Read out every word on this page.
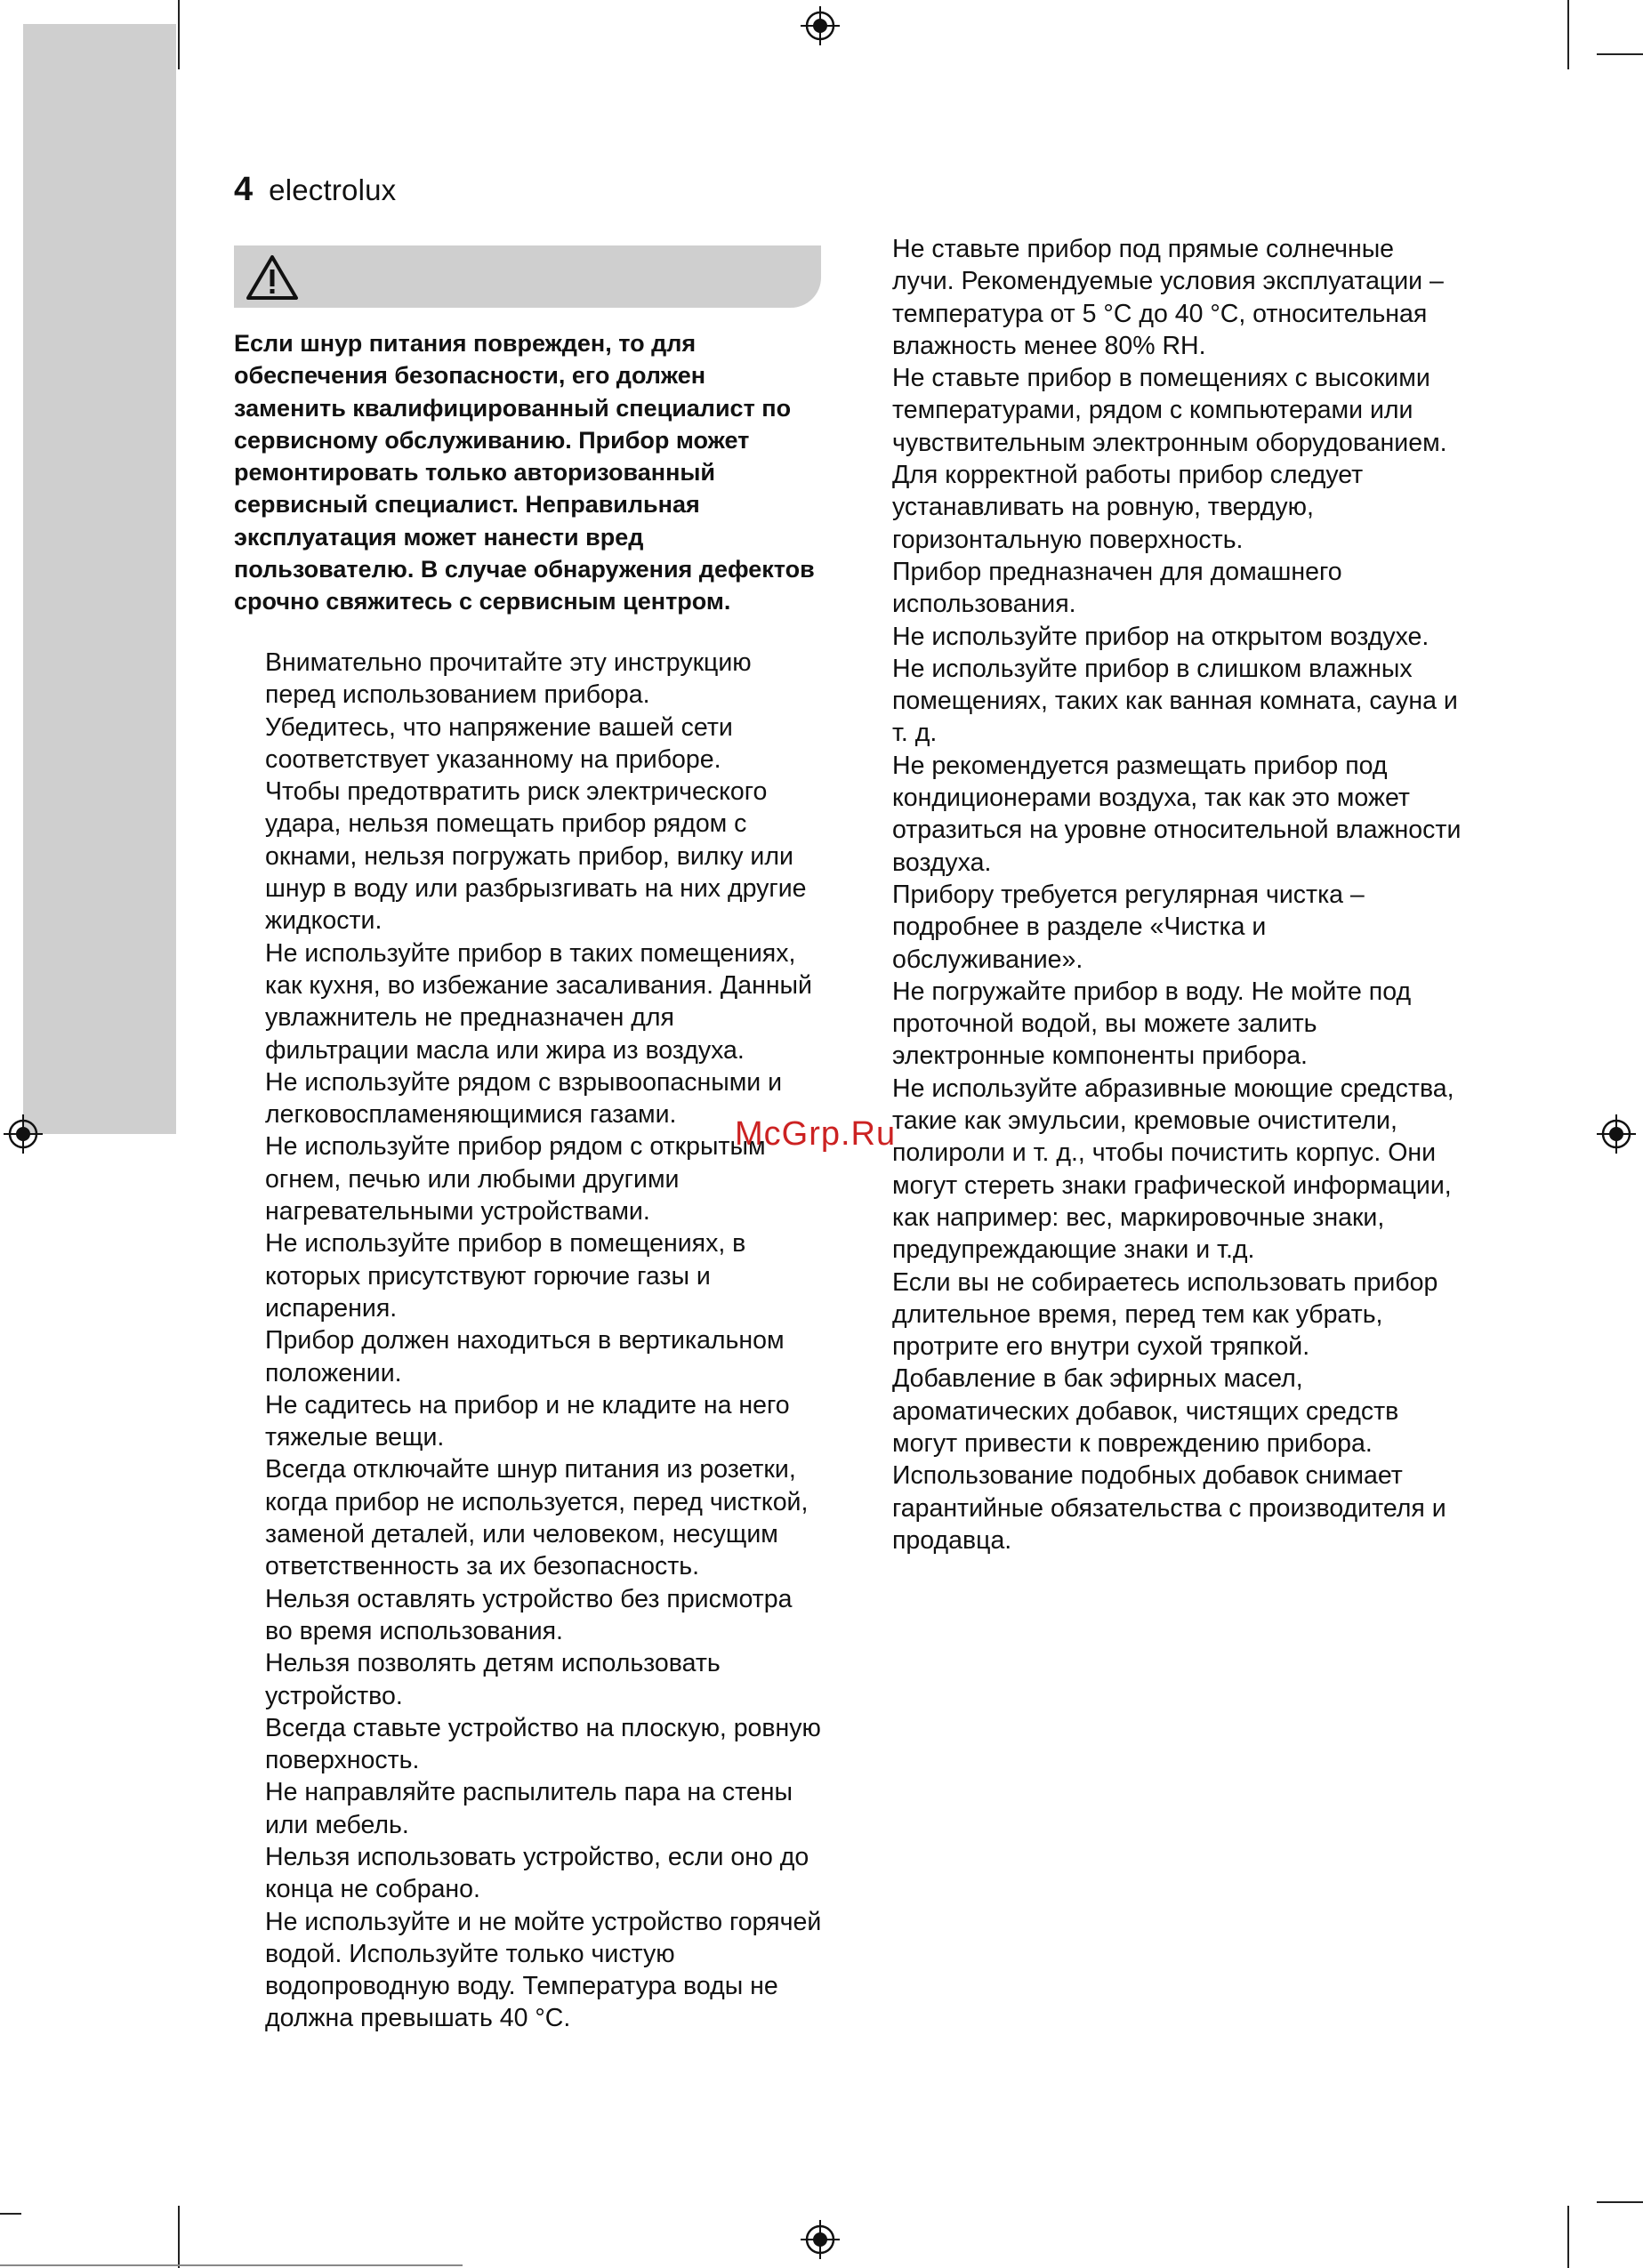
4 electrolux

Если шнур питания поврежден, то для обеспечения безопасности, его должен заменить квалифицированный специалист по сервисному обслуживанию. Прибор может ремонтировать только авторизованный сервисный специалист. Неправильная эксплуатация может нанести вред пользователю. В случае обнаружения дефектов срочно свяжитесь с сервисным центром.

Внимательно прочитайте эту инструкцию перед использованием прибора.

Убедитесь, что напряжение вашей сети соответствует указанному на приборе.

Чтобы предотвратить риск электрического удара, нельзя помещать прибор рядом с окнами, нельзя погружать прибор, вилку или шнур в воду или разбрызгивать на них другие жидкости.

Не используйте прибор в таких помещениях, как кухня, во избежание засаливания. Данный увлажнитель не предназначен для фильтрации масла или жира из воздуха.

Не используйте рядом с взрывоопасными и легковоспламеняющимися газами.

Не используйте прибор рядом с открытым огнем, печью или любыми другими нагревательными устройствами.

Не используйте прибор в помещениях, в которых присутствуют горючие газы и испарения.

Прибор должен находиться в вертикальном положении.

Не садитесь на прибор и не кладите на него тяжелые вещи.

Всегда отключайте шнур питания из розетки, когда прибор не используется, перед чисткой, заменой деталей, или человеком, несущим ответственность за их безопасность.

Нельзя оставлять устройство без присмотра во время использования.

Нельзя позволять детям использовать устройство.

Всегда ставьте устройство на плоскую, ровную поверхность.

Не направляйте распылитель пара на стены или мебель.

Нельзя использовать устройство, если оно до конца не собрано.

Не используйте и не мойте устройство горячей водой. Используйте только чистую водопроводную воду. Температура воды не должна превышать 40 °C.

Не ставьте прибор под прямые солнечные лучи. Рекомендуемые условия эксплуатации – температура от 5 °C до 40 °C, относительная влажность менее 80% RH.

Не ставьте прибор в помещениях с высокими температурами, рядом с компьютерами или чувствительным электронным оборудованием.

Для корректной работы прибор следует устанавливать на ровную, твердую, горизонтальную поверхность.

Прибор предназначен для домашнего использования.

Не используйте прибор на открытом воздухе.

Не используйте прибор в слишком влажных помещениях, таких как ванная комната, сауна и т. д.

Не рекомендуется размещать прибор под кондиционерами воздуха, так как это может отразиться на уровне относительной влажности воздуха.

Прибору требуется регулярная чистка – подробнее в разделе «Чистка и обслуживание».

Не погружайте прибор в воду. Не мойте под проточной водой, вы можете залить электронные компоненты прибора.

Не используйте абразивные моющие средства, такие как эмульсии, кремовые очистители, полироли и т. д., чтобы почистить корпус. Они могут стереть знаки графической информации, как например: вес, маркировочные знаки, предупреждающие знаки и т.д.

Если вы не собираетесь использовать прибор длительное время, перед тем как убрать, протрите его внутри сухой тряпкой.

Добавление в бак эфирных масел, ароматических добавок, чистящих средств могут привести к повреждению прибора. Использование подобных добавок снимает гарантийные обязательства с производителя и продавца.

McGrp.Ru
